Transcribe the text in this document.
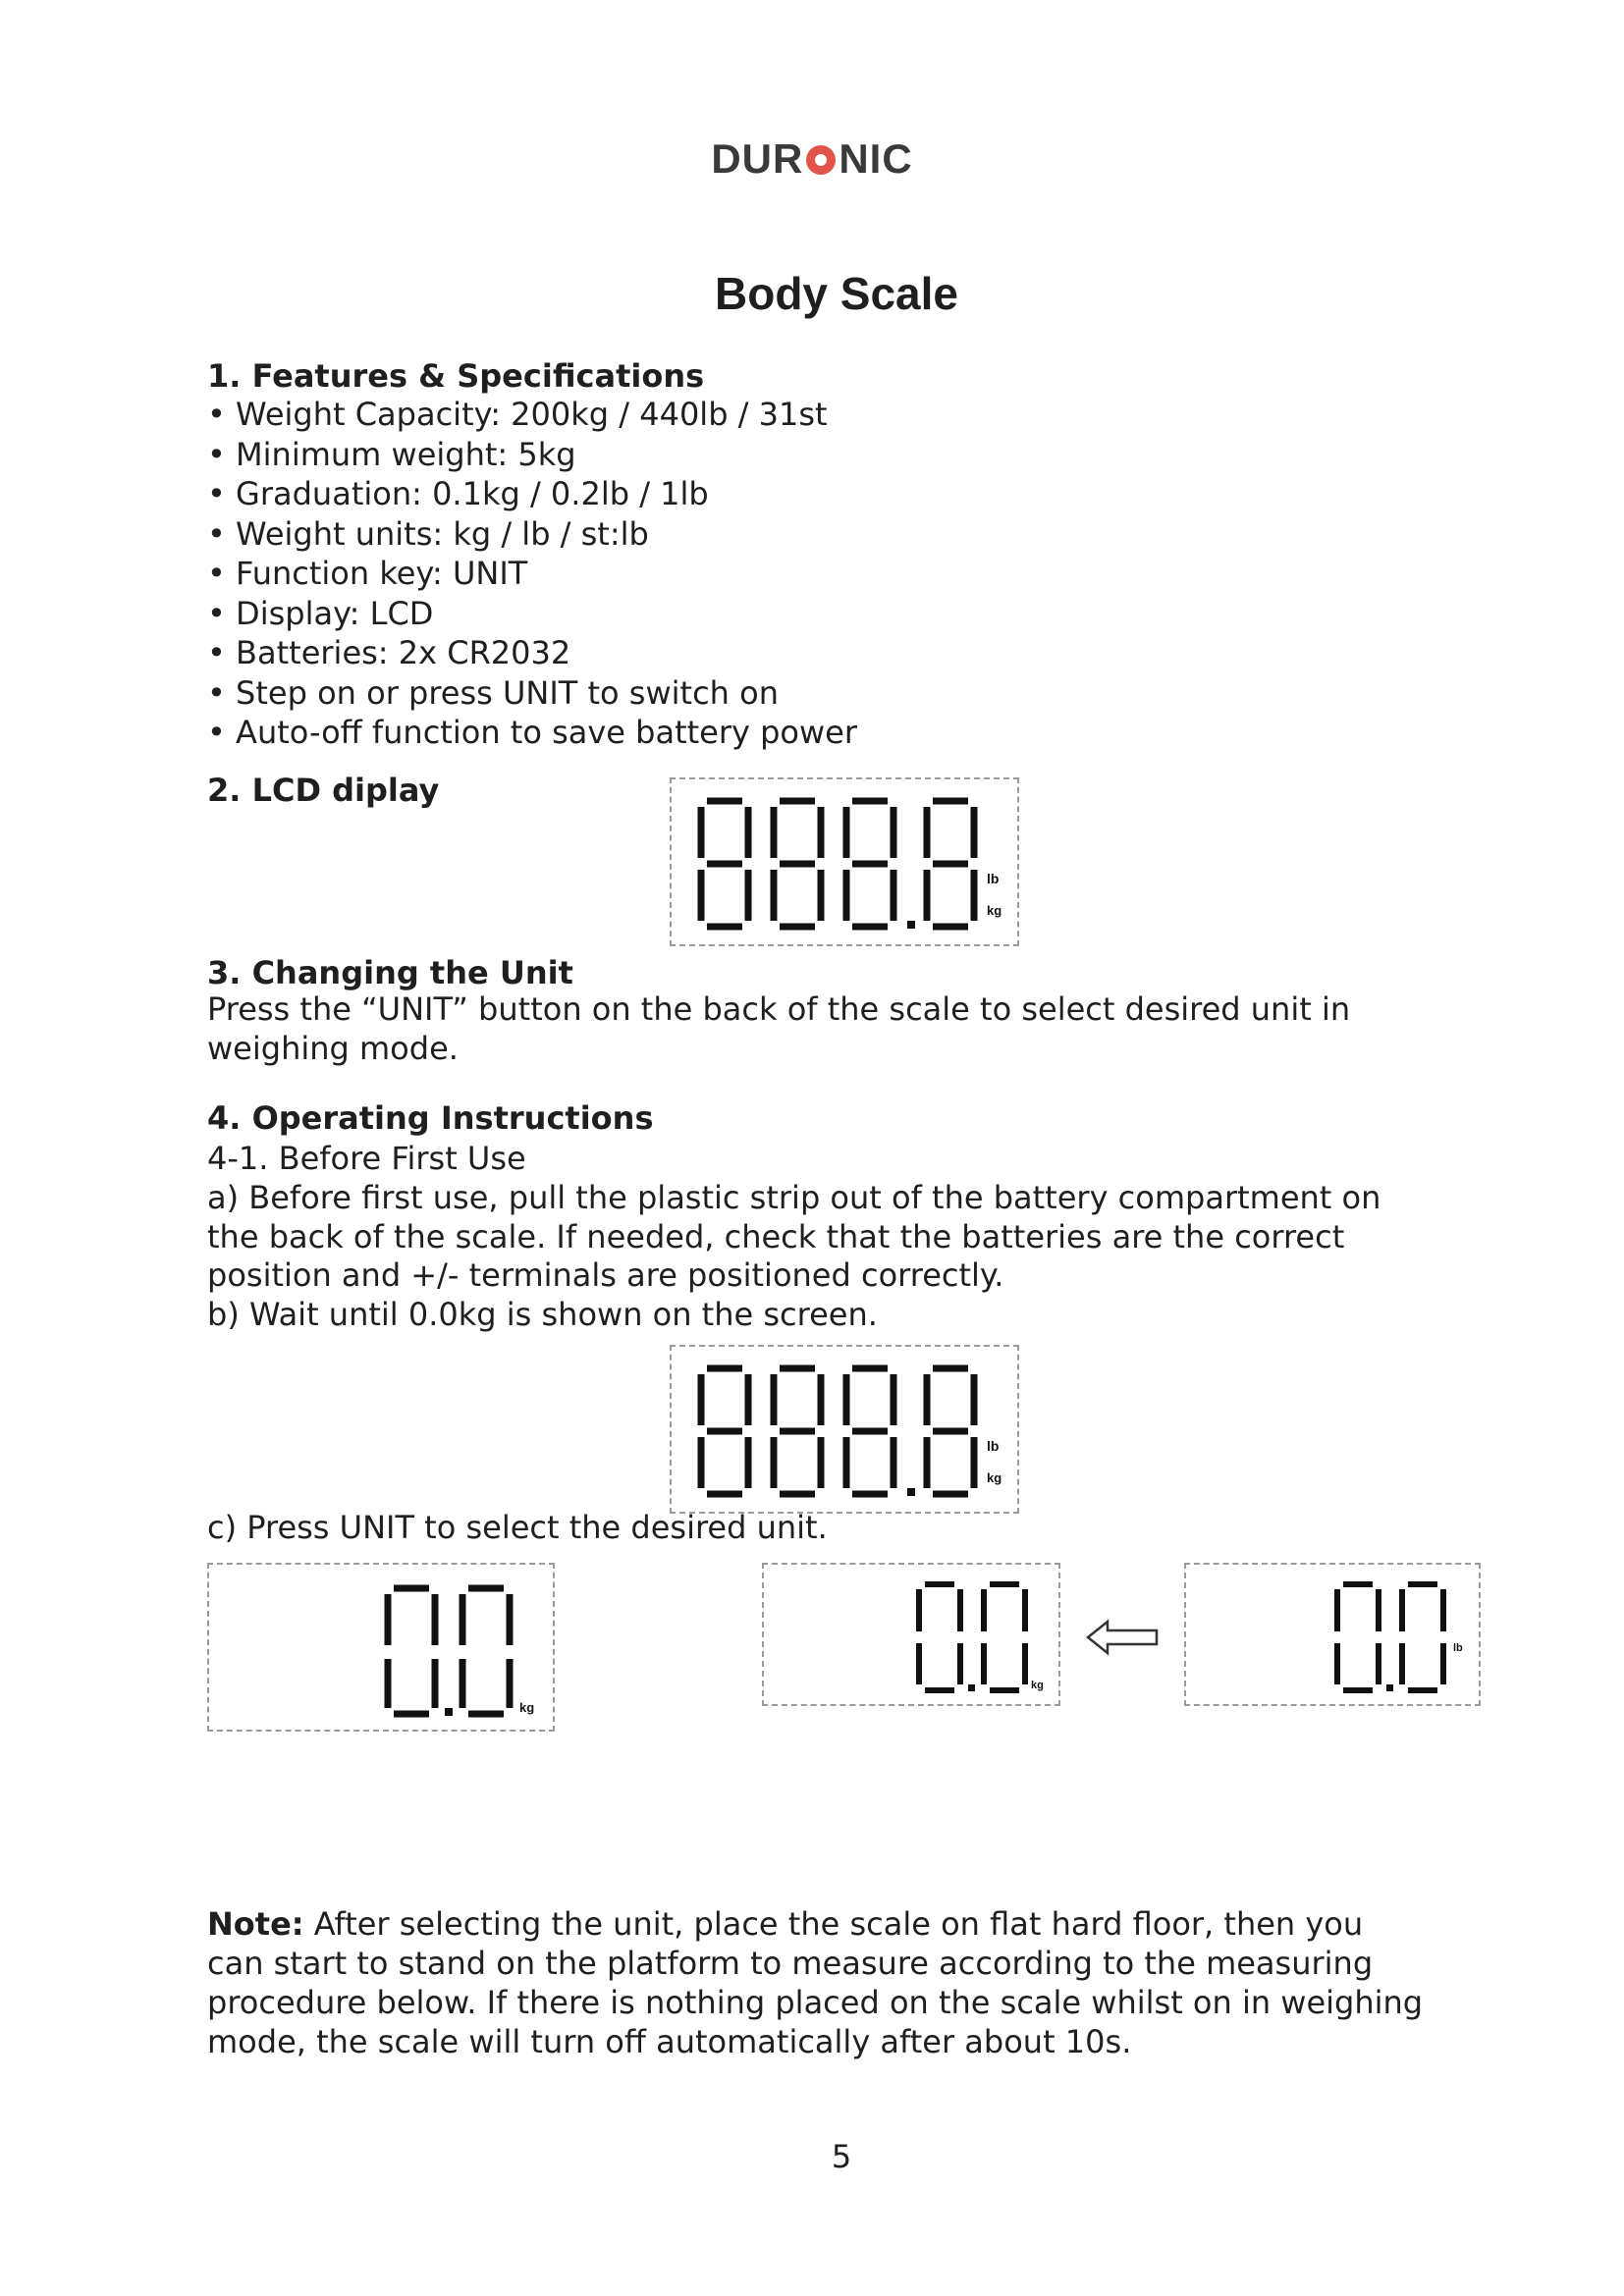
DUR NIC
Body Scale
1. Features & Specifications
• Weight Capacity: 200kg / 440lb / 31st
• Minimum weight: 5kg
• Graduation: 0.1kg / 0.2lb / 1lb
• Weight units: kg / lb / st:lb
• Function key: UNIT
• Display: LCD
• Batteries: 2x CR2032
• Step on or press UNIT to switch on
• Auto-off function to save battery power
2. LCD diplay
lb
kg
3. Changing the Unit
Press the “UNIT” button on the back of the scale to select desired unit in
weighing mode.
4. Operating Instructions
4-1. Before First Use
a) Before first use, pull the plastic strip out of the battery compartment on
the back of the scale. If needed, check that the batteries are the correct
position and +/- terminals are positioned correctly.
b) Wait until 0.0kg is shown on the screen.
lb
kg
c) Press UNIT to select the desired unit.
kg
kg
lb
Note: After selecting the unit, place the scale on flat hard floor, then you
can start to stand on the platform to measure according to the measuring
procedure below. If there is nothing placed on the scale whilst on in weighing
mode, the scale will turn off automatically after about 10s.
5
